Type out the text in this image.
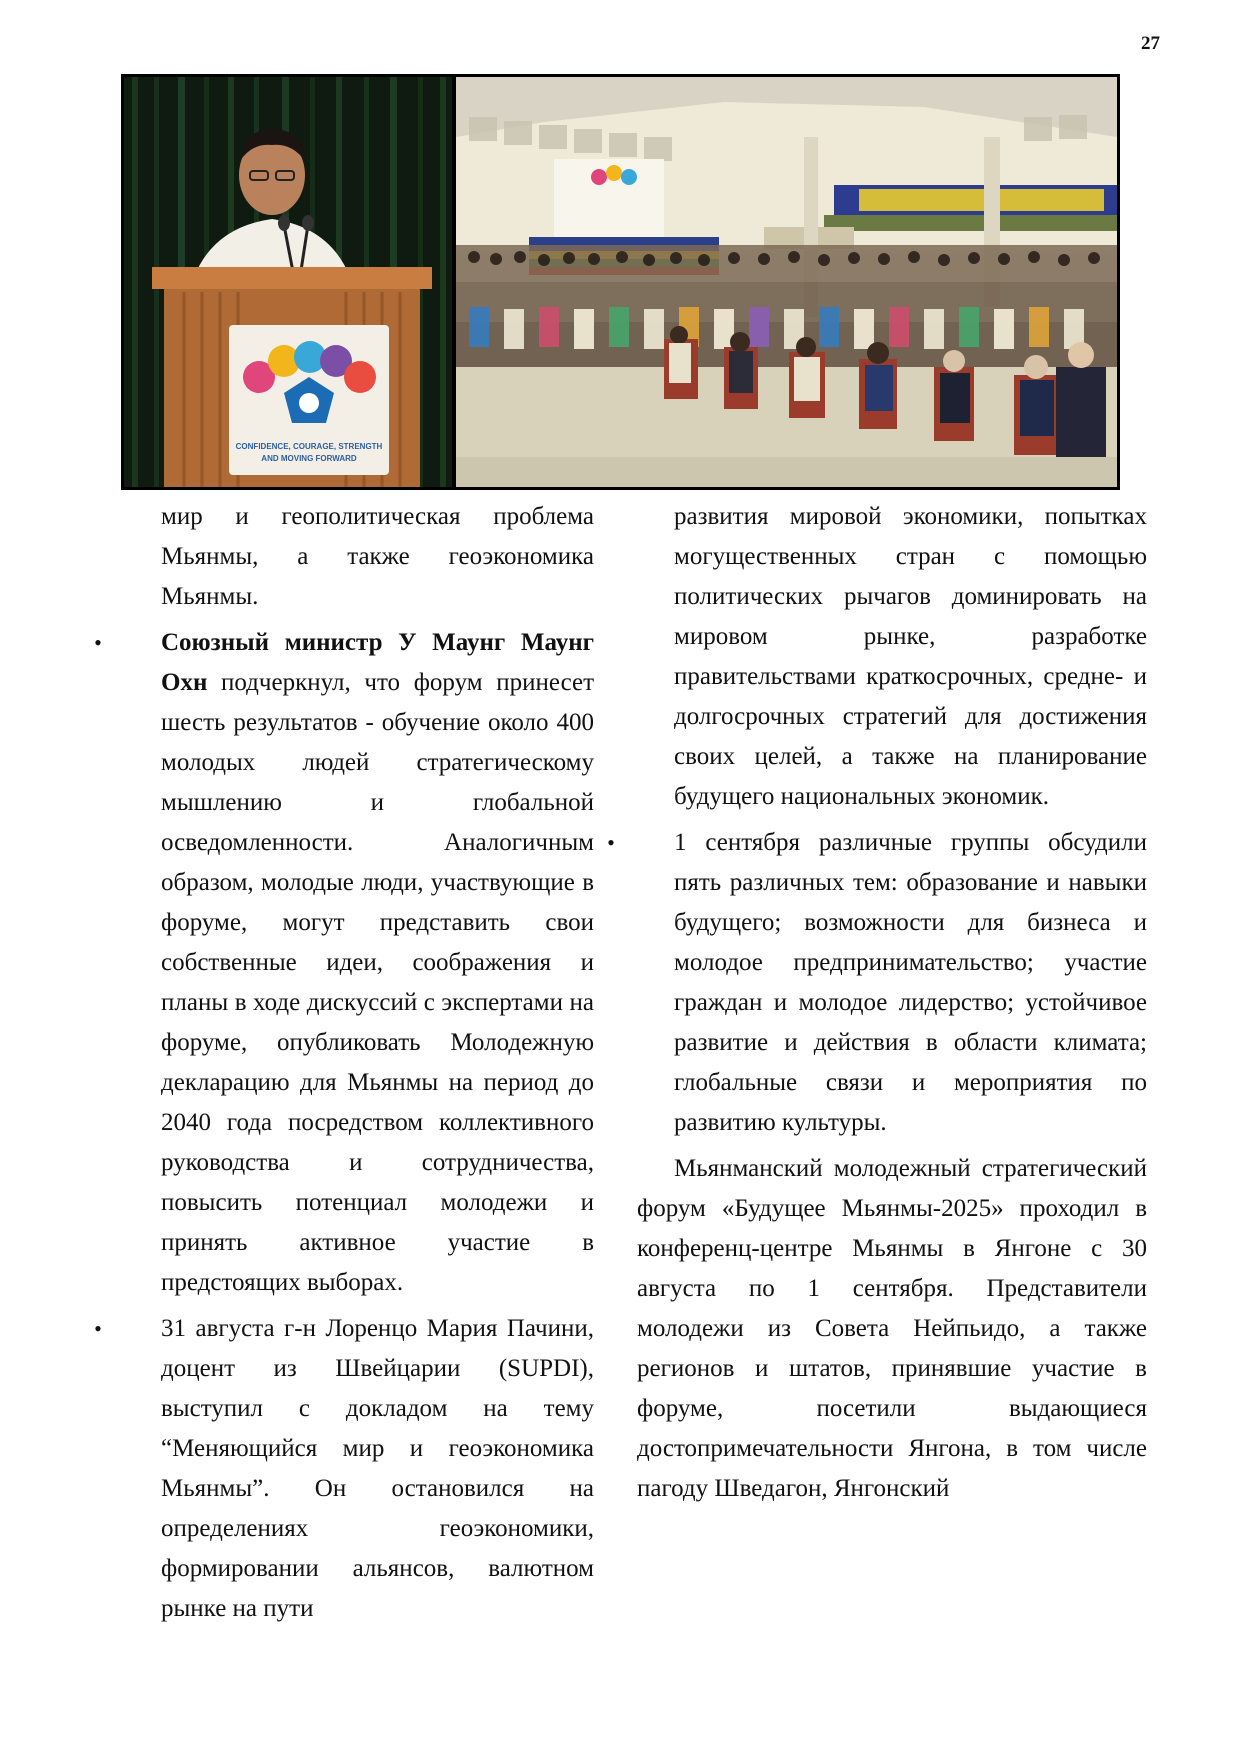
27
CONFIDENCE, COURAGE, STRENGTH
AND MOVING FORWARD

мир и геополитическая проблема Мьянмы, а также геоэкономика Мьянмы.

• Союзный министр У Маунг Маунг Охн подчеркнул, что форум принесет шесть результатов - обучение около 400 молодых людей стратегическому мышлению и глобальной осведомленности. Аналогичным образом, молодые люди, участвующие в форуме, могут представить свои собственные идеи, соображения и планы в ходе дискуссий с экспертами на форуме, опубликовать Молодежную декларацию для Мьянмы на период до 2040 года посредством коллективного руководства и сотрудничества, повысить потенциал молодежи и принять активное участие в предстоящих выборах.

• 31 августа г-н Лоренцо Мария Пачини, доцент из Швейцарии (SUPDI), выступил с докладом на тему “Меняющийся мир и геоэкономика Мьянмы”. Он остановился на определениях геоэкономики, формировании альянсов, валютном рынке на пути

развития мировой экономики, попытках могущественных стран с помощью политических рычагов доминировать на мировом рынке, разработке правительствами краткосрочных, средне- и долгосрочных стратегий для достижения своих целей, а также на планирование будущего национальных экономик.

• 1 сентября различные группы обсудили пять различных тем: образование и навыки будущего; возможности для бизнеса и молодое предпринимательство; участие граждан и молодое лидерство; устойчивое развитие и действия в области климата; глобальные связи и мероприятия по развитию культуры.

Мьянманский молодежный стратегический форум «Будущее Мьянмы-2025» проходил в конференц-центре Мьянмы в Янгоне с 30 августа по 1 сентября. Представители молодежи из Совета Нейпьидо, а также регионов и штатов, принявшие участие в форуме, посетили выдающиеся достопримечательности Янгона, в том числе пагоду Шведагон, Янгонский
